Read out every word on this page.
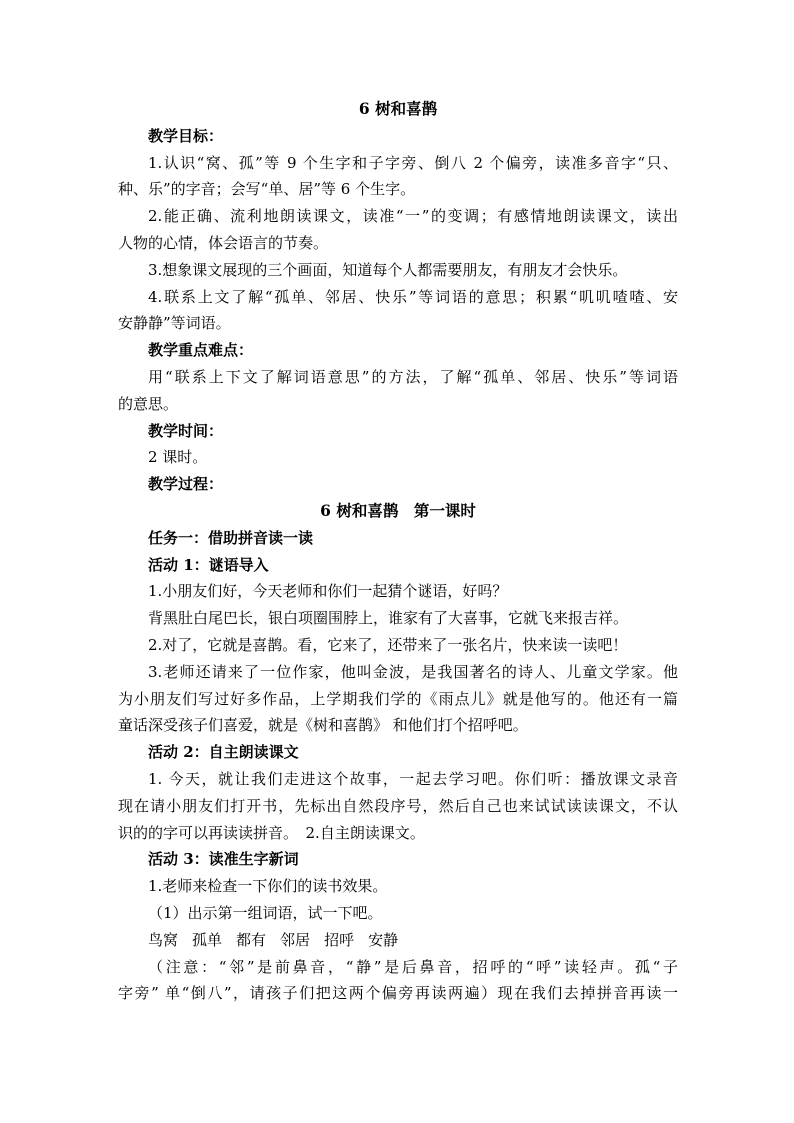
6 树和喜鹊
教学目标：
1.认识“窝、孤”等 9 个生字和子字旁、倒八 2 个偏旁，读准多音字“只、
种、乐”的字音；会写“单、居”等 6 个生字。
2.能正确、流利地朗读课文，读准“一”的变调；有感情地朗读课文，读出
人物的心情，体会语言的节奏。
3.想象课文展现的三个画面，知道每个人都需要朋友，有朋友才会快乐。
4.联系上文了解“孤单、邻居、快乐”等词语的意思；积累“叽叽喳喳、安
安静静”等词语。
教学重点难点：
用“联系上下文了解词语意思”的方法，了解“孤单、邻居、快乐”等词语
的意思。
教学时间：
2 课时。
教学过程：
6 树和喜鹊　第一课时
任务一：借助拼音读一读
活动 1：谜语导入
1.小朋友们好，今天老师和你们一起猜个谜语，好吗？
背黑肚白尾巴长，银白项圈围脖上，谁家有了大喜事，它就飞来报吉祥。
2.对了，它就是喜鹊。看，它来了，还带来了一张名片，快来读一读吧！
3.老师还请来了一位作家，他叫金波，是我国著名的诗人、儿童文学家。他
为小朋友们写过好多作品，上学期我们学的《雨点儿》就是他写的。他还有一篇
童话深受孩子们喜爱，就是《树和喜鹊》 和他们打个招呼吧。
活动 2：自主朗读课文
1. 今天，就让我们走进这个故事，一起去学习吧。你们听：播放课文录音
现在请小朋友们打开书，先标出自然段序号，然后自己也来试试读读课文，不认
识的的字可以再读读拼音。　2.自主朗读课文。
活动 3：读准生字新词
1.老师来检查一下你们的读书效果。
（1）出示第一组词语，试一下吧。
鸟窝 孤单 都有 邻居 招呼 安静
（注意：“邻”是前鼻音，“静”是后鼻音，招呼的“呼”读轻声。孤“子
字旁” 单“倒八”，请孩子们把这两个偏旁再读两遍）现在我们去掉拼音再读一
